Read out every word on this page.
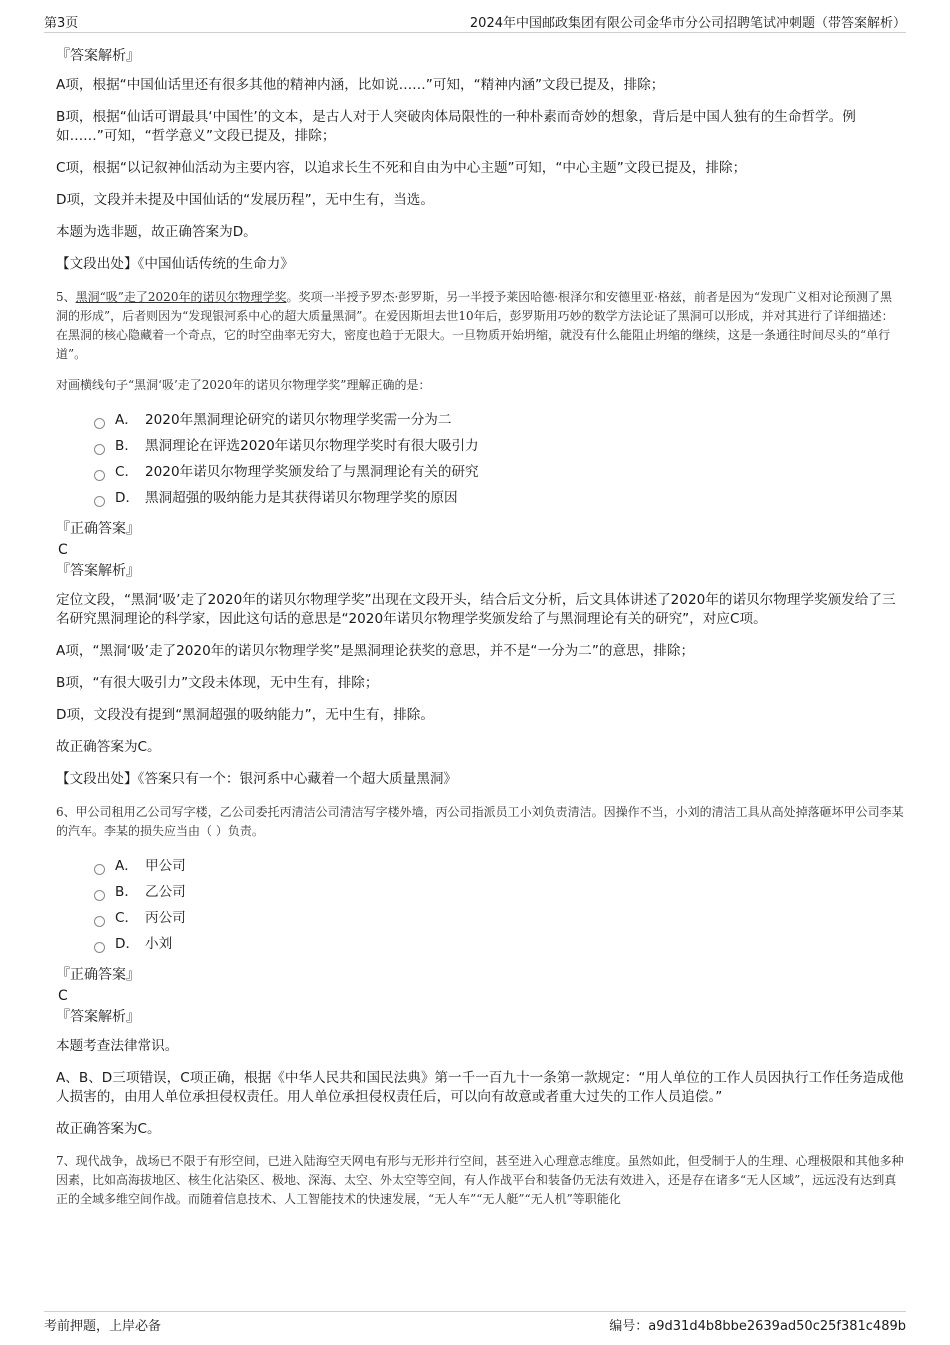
第3页	2024年中国邮政集团有限公司金华市分公司招聘笔试冲刺题（带答案解析）
『答案解析』

A项，根据“中国仙话里还有很多其他的精神内涵，比如说……”可知，“精神内涵”文段已提及，排除；

B项，根据“仙话可谓最具‘中国性’的文本，是古人对于人突破肉体局限性的一种朴素而奇妙的想象，背后是中国人独有的生命哲学。例如……”可知，“哲学意义”文段已提及，排除；

C项，根据“以记叙神仙活动为主要内容，以追求长生不死和自由为中心主题”可知，“中心主题”文段已提及，排除；

D项，文段并未提及中国仙话的“发展历程”，无中生有，当选。

本题为选非题，故正确答案为D。

【文段出处】《中国仙话传统的生命力》

5、黑洞“吸”走了2020年的诺贝尔物理学奖。奖项一半授予罗杰·彭罗斯，另一半授予莱因哈德·根泽尔和安德里亚·格兹，前者是因为“发现广义相对论预测了黑洞的形成”，后者则因为“发现银河系中心的超大质量黑洞”。在爱因斯坦去世10年后，彭罗斯用巧妙的数学方法论证了黑洞可以形成，并对其进行了详细描述：在黑洞的核心隐藏着一个奇点，它的时空曲率无穷大，密度也趋于无限大。一旦物质开始坍缩，就没有什么能阻止坍缩的继续，这是一条通往时间尽头的“单行道”。

对画横线句子“黑洞‘吸’走了2020年的诺贝尔物理学奖”理解正确的是：

A． 2020年黑洞理论研究的诺贝尔物理学奖需一分为二
B． 黑洞理论在评选2020年诺贝尔物理学奖时有很大吸引力
C． 2020年诺贝尔物理学奖颁发给了与黑洞理论有关的研究
D． 黑洞超强的吸纳能力是其获得诺贝尔物理学奖的原因
『正确答案』
C
『答案解析』

定位文段，“黑洞‘吸’走了2020年的诺贝尔物理学奖”出现在文段开头，结合后文分析，后文具体讲述了2020年的诺贝尔物理学奖颁发给了三名研究黑洞理论的科学家，因此这句话的意思是“2020年诺贝尔物理学奖颁发给了与黑洞理论有关的研究”，对应C项。

A项，“黑洞‘吸’走了2020年的诺贝尔物理学奖”是黑洞理论获奖的意思，并不是“一分为二”的意思，排除；

B项，“有很大吸引力”文段未体现，无中生有，排除；

D项，文段没有提到“黑洞超强的吸纳能力”，无中生有，排除。

故正确答案为C。

【文段出处】《答案只有一个：银河系中心藏着一个超大质量黑洞》

6、甲公司租用乙公司写字楼，乙公司委托丙清洁公司清洁写字楼外墙，丙公司指派员工小刘负责清洁。因操作不当，小刘的清洁工具从高处掉落砸坏甲公司李某的汽车。李某的损失应当由（ ）负责。

A． 甲公司
B． 乙公司
C． 丙公司
D． 小刘
『正确答案』
C
『答案解析』

本题考查法律常识。

A、B、D三项错误，C项正确，根据《中华人民共和国民法典》第一千一百九十一条第一款规定：“用人单位的工作人员因执行工作任务造成他人损害的，由用人单位承担侵权责任。用人单位承担侵权责任后，可以向有故意或者重大过失的工作人员追偿。”

故正确答案为C。

7、现代战争，战场已不限于有形空间，已进入陆海空天网电有形与无形并行空间，甚至进入心理意志维度。虽然如此，但受制于人的生理、心理极限和其他多种因素，比如高海拔地区、核生化沾染区、极地、深海、太空、外太空等空间，有人作战平台和装备仍无法有效进入，还是存在诸多“无人区域”，远远没有达到真正的全域多维空间作战。而随着信息技术、人工智能技术的快速发展，“无人车”“无人艇”“无人机”等职能化

考前押题，上岸必备	编号：a9d31d4b8bbe2639ad50c25f381c489b
